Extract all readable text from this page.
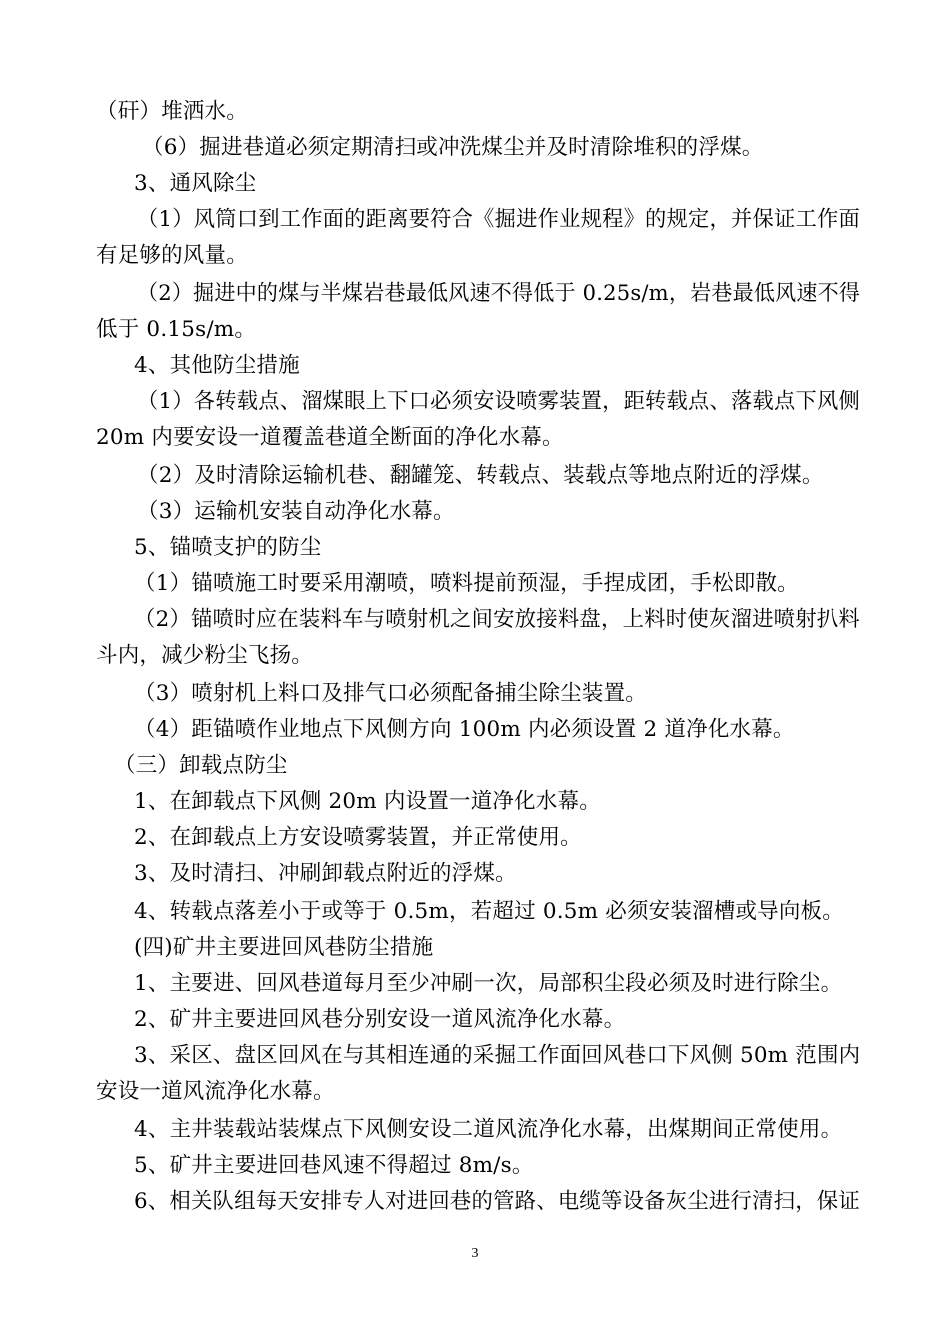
（矸）堆洒水。
（6）掘进巷道必须定期清扫或冲洗煤尘并及时清除堆积的浮煤。
3、通风除尘
（1）风筒口到工作面的距离要符合《掘进作业规程》的规定，并保证工作面
有足够的风量。
（2）掘进中的煤与半煤岩巷最低风速不得低于 0.25s/m，岩巷最低风速不得
低于 0.15s/m。
4、其他防尘措施
（1）各转载点、溜煤眼上下口必须安设喷雾装置，距转载点、落载点下风侧
20m 内要安设一道覆盖巷道全断面的净化水幕。
（2）及时清除运输机巷、翻罐笼、转载点、装载点等地点附近的浮煤。
（3）运输机安装自动净化水幕。
5、锚喷支护的防尘
（1）锚喷施工时要采用潮喷，喷料提前预湿，手捏成团，手松即散。
（2）锚喷时应在装料车与喷射机之间安放接料盘，上料时使灰溜进喷射扒料
斗内，减少粉尘飞扬。
（3）喷射机上料口及排气口必须配备捕尘除尘装置。
（4）距锚喷作业地点下风侧方向 100m 内必须设置 2 道净化水幕。
（三）卸载点防尘
1、在卸载点下风侧 20m 内设置一道净化水幕。
2、在卸载点上方安设喷雾装置，并正常使用。
3、及时清扫、冲刷卸载点附近的浮煤。
4、转载点落差小于或等于 0.5m，若超过 0.5m 必须安装溜槽或导向板。
(四)矿井主要进回风巷防尘措施
1、主要进、回风巷道每月至少冲刷一次，局部积尘段必须及时进行除尘。
2、矿井主要进回风巷分别安设一道风流净化水幕。
3、采区、盘区回风在与其相连通的采掘工作面回风巷口下风侧 50m 范围内
安设一道风流净化水幕。
4、主井装载站装煤点下风侧安设二道风流净化水幕，出煤期间正常使用。
5、矿井主要进回巷风速不得超过 8m/s。
6、相关队组每天安排专人对进回巷的管路、电缆等设备灰尘进行清扫，保证
3
